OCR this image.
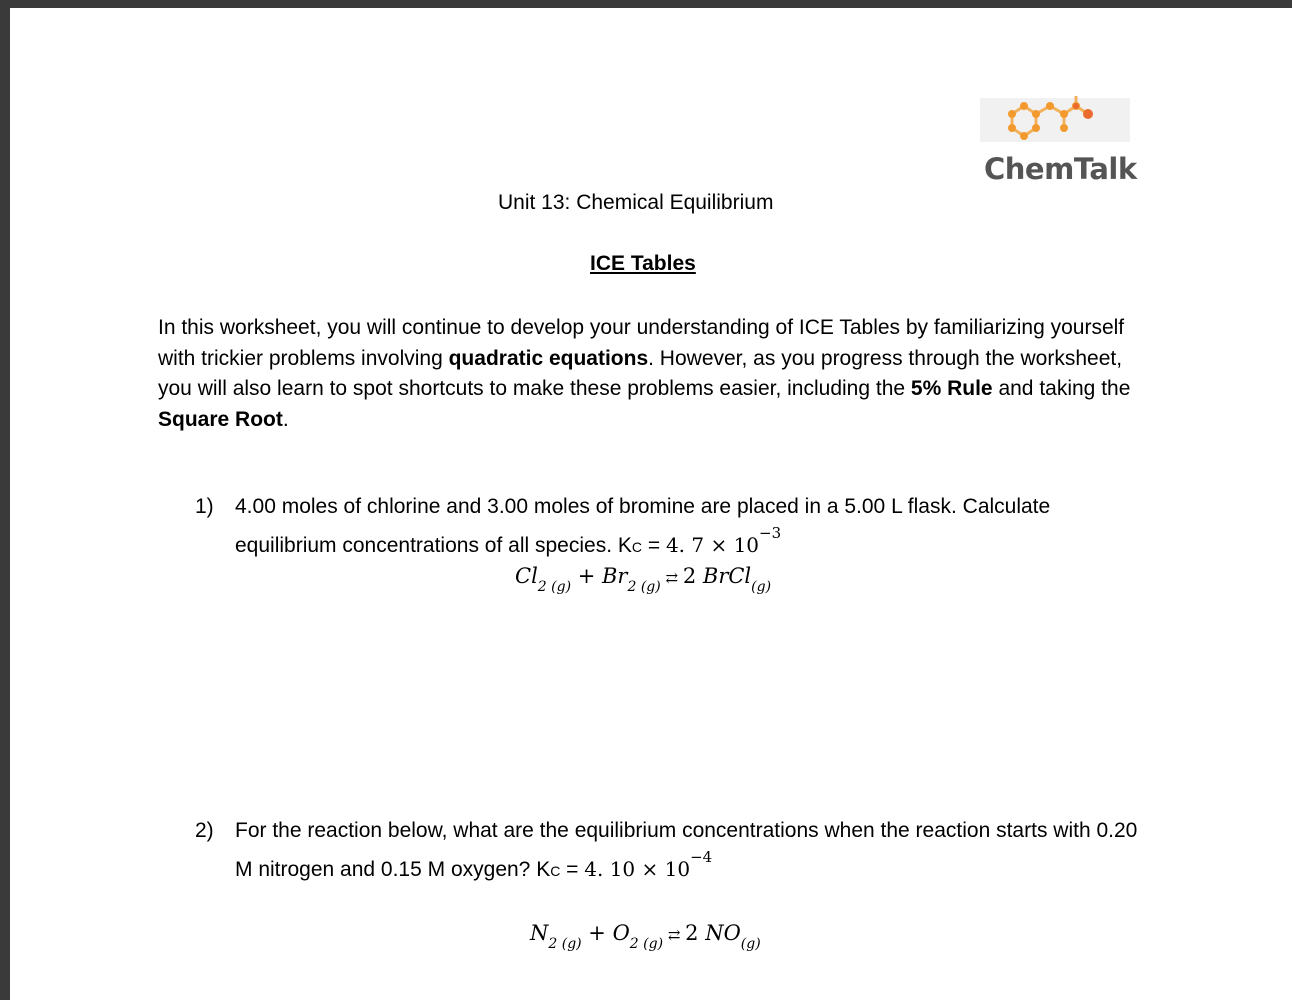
ChemTalk
Unit 13: Chemical Equilibrium
ICE Tables
In this worksheet, you will continue to develop your understanding of ICE Tables by familiarizing yourself with trickier problems involving quadratic equations. However, as you progress through the worksheet, you will also learn to spot shortcuts to make these problems easier, including the 5% Rule and taking the Square Root.
1) 4.00 moles of chlorine and 3.00 moles of bromine are placed in a 5.00 L flask. Calculate equilibrium concentrations of all species. KC = 4. $7 \times 10^{-3}$
$Cl_{2 (g)} + Br_{2 (g)}$ ⇄ 2 BrCl$_{(g)}$
2) For the reaction below, what are the equilibrium concentrations when the reaction starts with 0.20 M nitrogen and 0.15 M oxygen? KC = 4. $10 \times 10^{-4}$
$N_{2 (g)} + O_{2 (g)}$ ⇄ 2 $NO_{(g)}$
